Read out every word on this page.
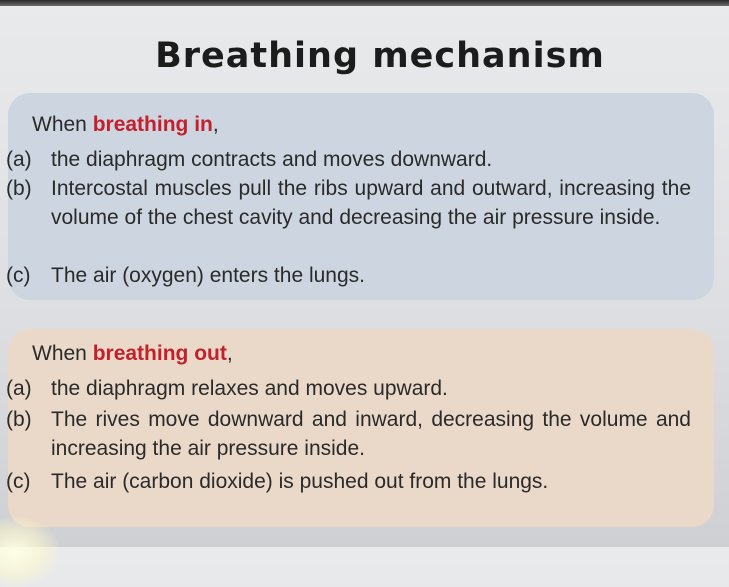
Breathing mechanism
When breathing in,
(a) the diaphragm contracts and moves downward.
(b) Intercostal muscles pull the ribs upward and outward, increasing the volume of the chest cavity and decreasing the air pressure inside.
(c) The air (oxygen) enters the lungs.
When breathing out,
(a) the diaphragm relaxes and moves upward.
(b) The rives move downward and inward, decreasing the volume and increasing the air pressure inside.
(c) The air (carbon dioxide) is pushed out from the lungs.
